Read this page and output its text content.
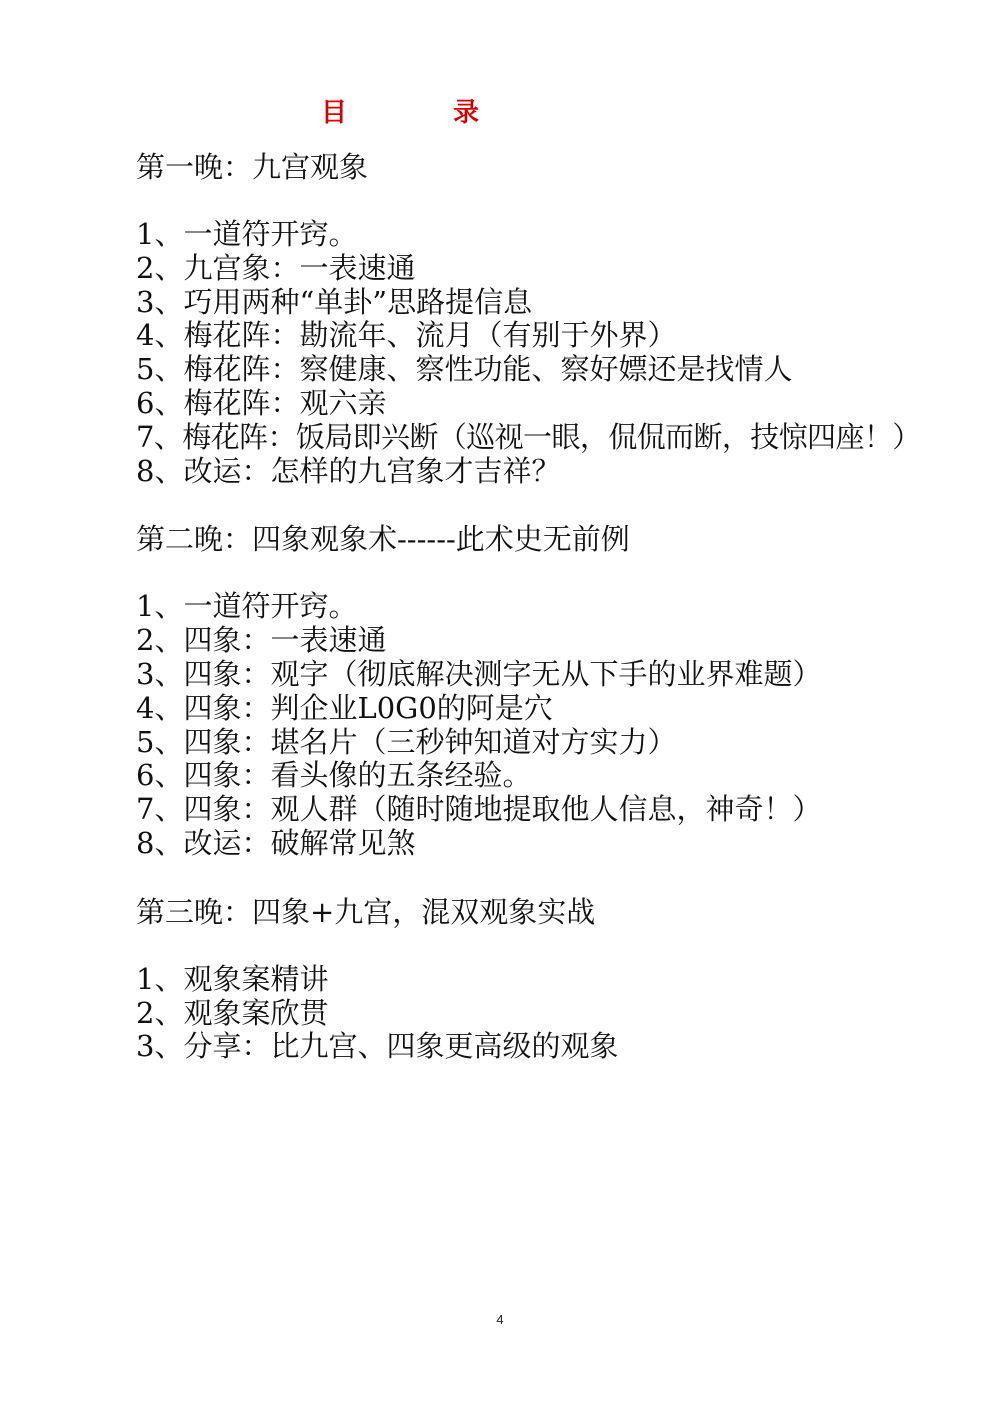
目　录
第一晚：九宫观象
1、一道符开窍。
2、九宫象：一表速通
3、巧用两种“单卦”思路提信息
4、梅花阵：勘流年、流月（有别于外界）
5、梅花阵：察健康、察性功能、察好嫖还是找情人
6、梅花阵：观六亲
7、梅花阵：饭局即兴断（巡视一眼，侃侃而断，技惊四座！）
8、改运：怎样的九宫象才吉祥？
第二晚：四象观象术------此术史无前例
1、一道符开窍。
2、四象：一表速通
3、四象：观字（彻底解决测字无从下手的业界难题）
4、四象：判企业L0G0的阿是穴
5、四象：堪名片（三秒钟知道对方实力）
6、四象：看头像的五条经验。
7、四象：观人群（随时随地提取他人信息，神奇！）
8、改运：破解常见煞
第三晚：四象+九宫，混双观象实战
1、观象案精讲
2、观象案欣贯
3、分享：比九宫、四象更高级的观象
4
